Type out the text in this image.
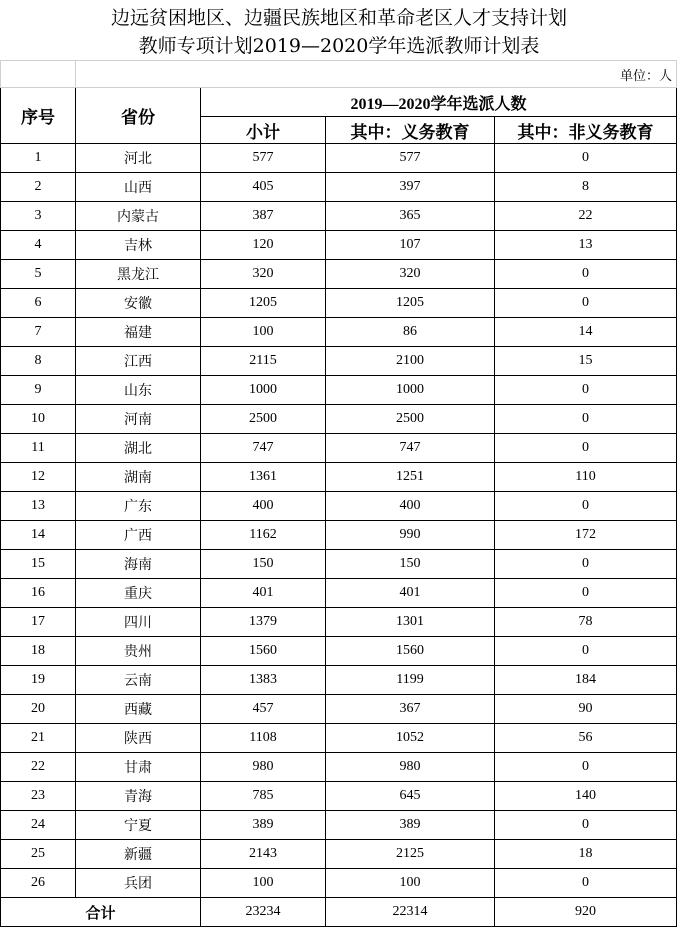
边远贫困地区、边疆民族地区和革命老区人才支持计划
教师专项计划2019—2020学年选派教师计划表
	单位：人			
序号	省份	2019—2020学年选派人数		
		小计	其中：义务教育	其中：非义务教育
1	河北	577	577	0
2	山西	405	397	8
3	内蒙古	387	365	22
4	吉林	120	107	13
5	黑龙江	320	320	0
6	安徽	1205	1205	0
7	福建	100	86	14
8	江西	2115	2100	15
9	山东	1000	1000	0
10	河南	2500	2500	0
11	湖北	747	747	0
12	湖南	1361	1251	110
13	广东	400	400	0
14	广西	1162	990	172
15	海南	150	150	0
16	重庆	401	401	0
17	四川	1379	1301	78
18	贵州	1560	1560	0
19	云南	1383	1199	184
20	西藏	457	367	90
21	陕西	1108	1052	56
22	甘肃	980	980	0
23	青海	785	645	140
24	宁夏	389	389	0
25	新疆	2143	2125	18
26	兵团	100	100	0
合计		23234	22314	920
